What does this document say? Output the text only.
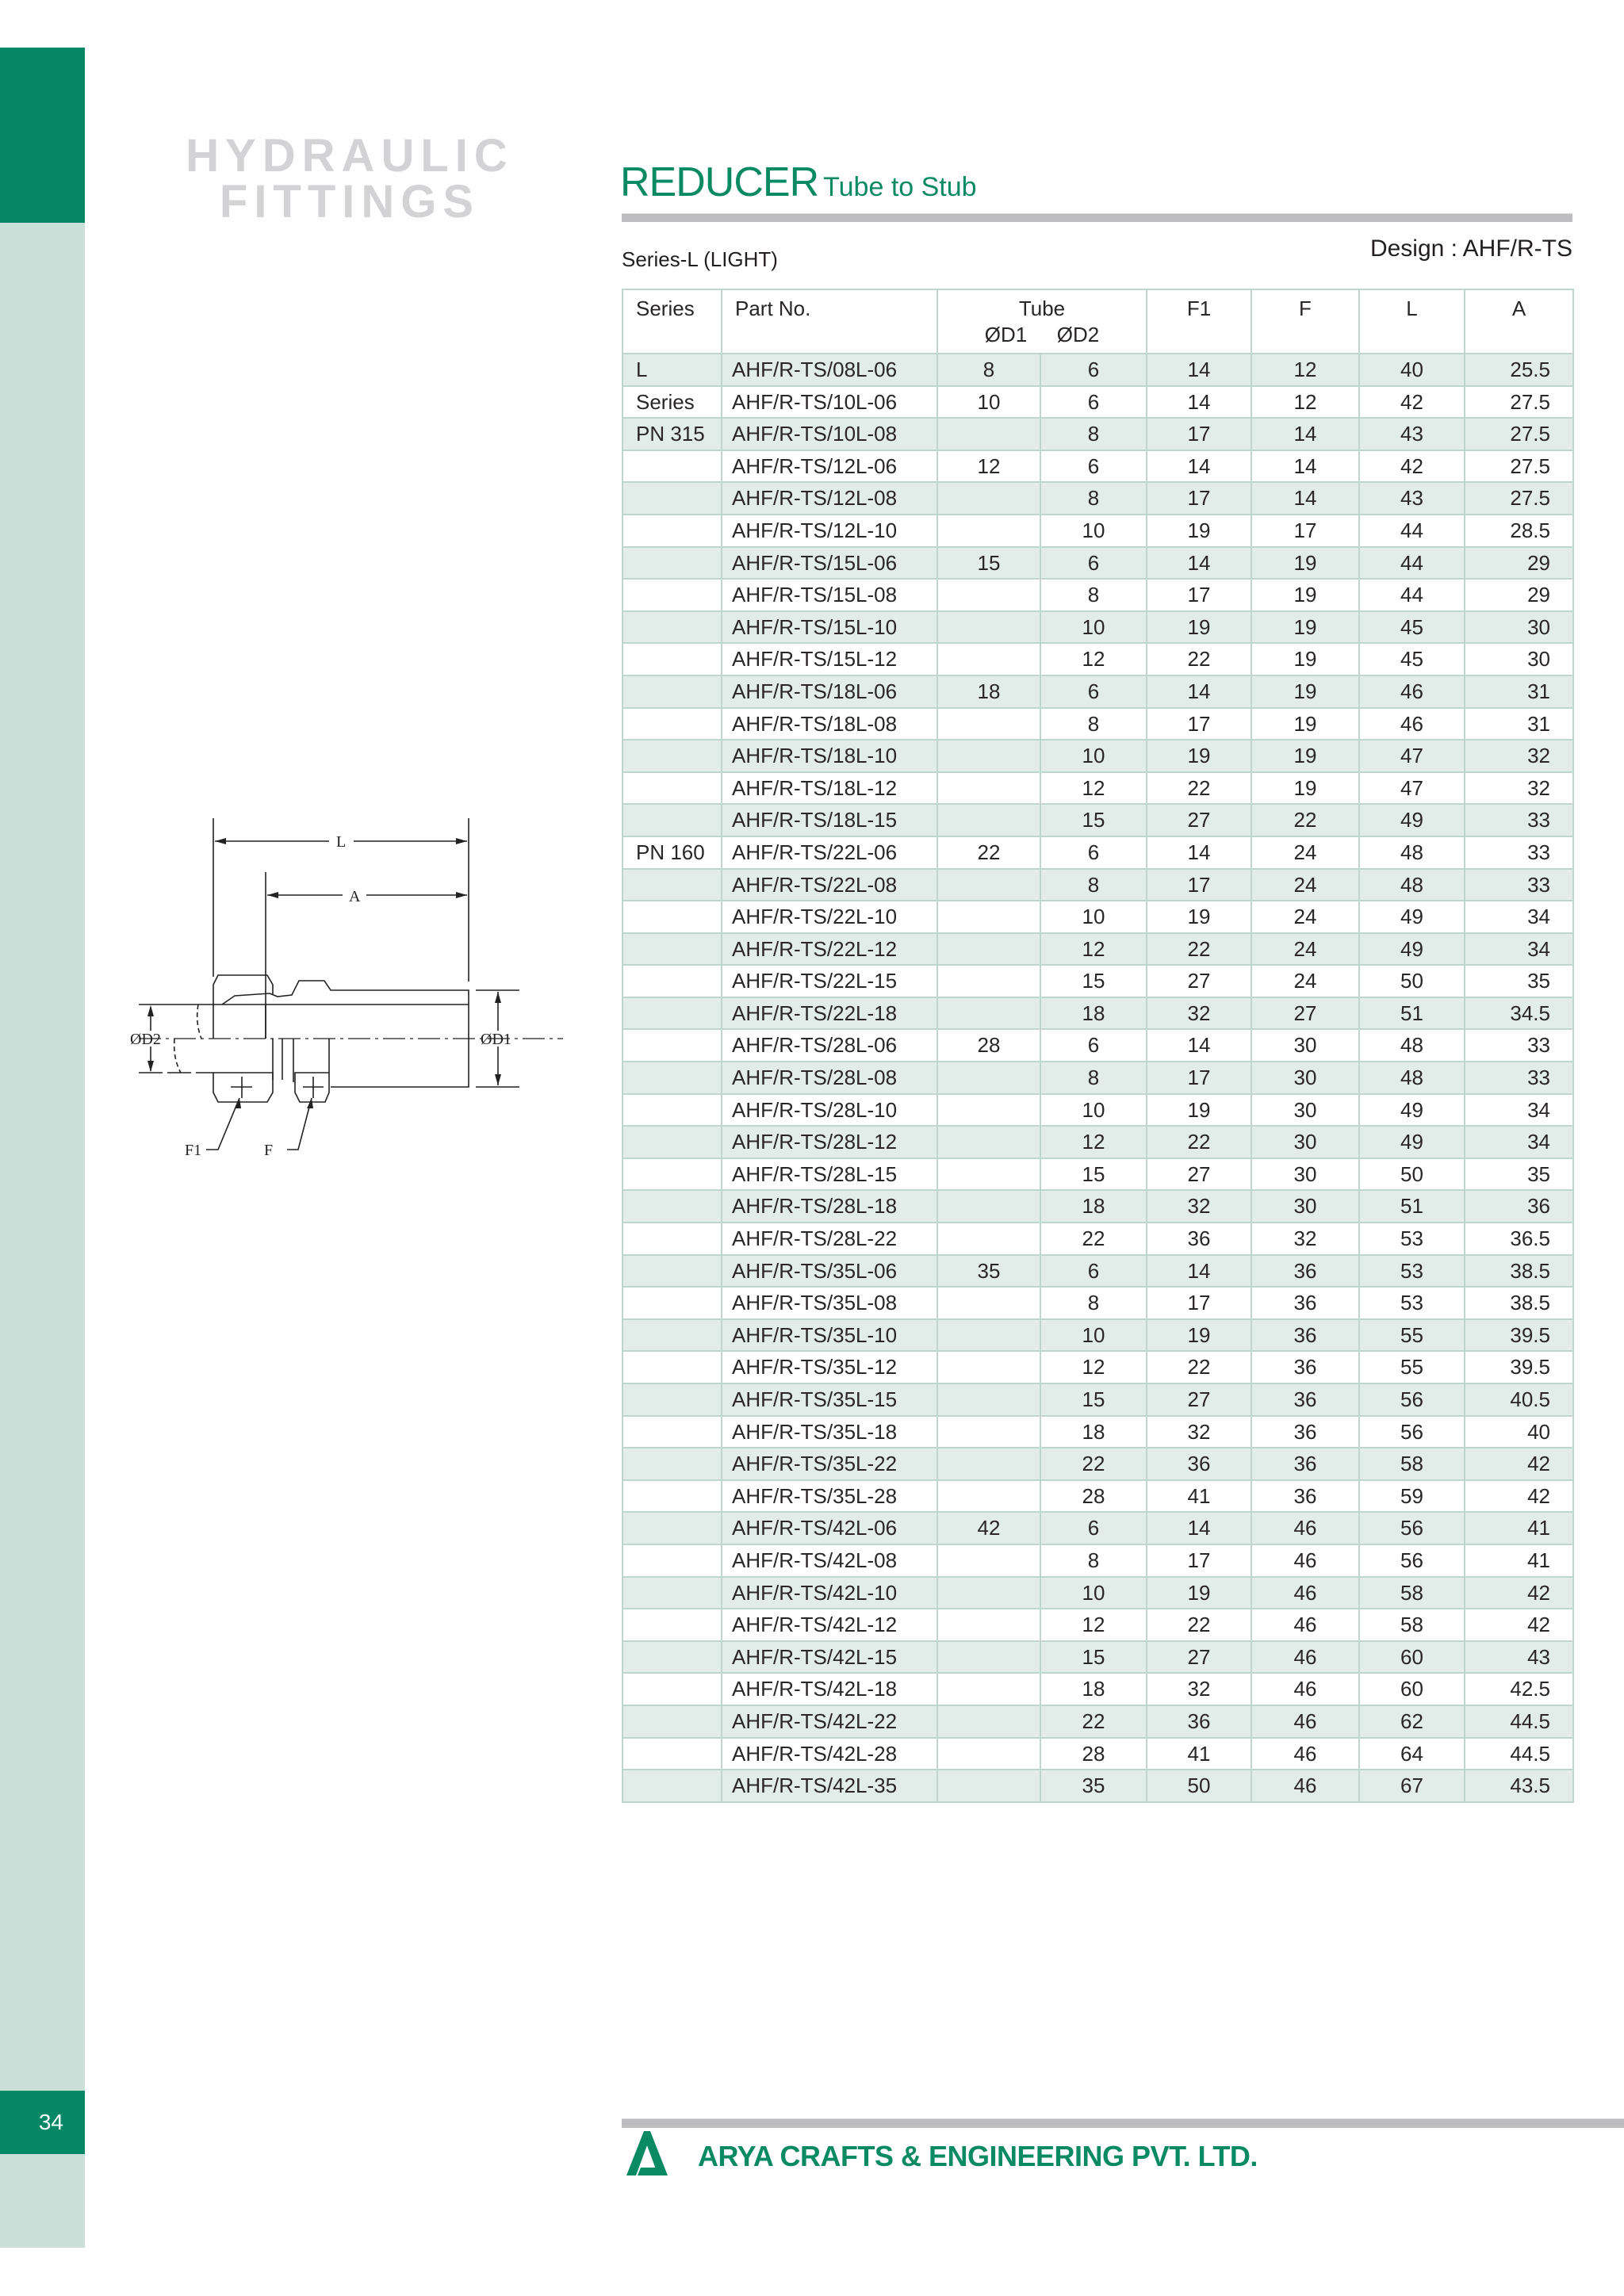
34
HYDRAULIC
FITTINGS	REDUCER Tube to Stub
Series-L (LIGHT)	Design : AHF/R-TS
Series	Part No.	Tube
ØD1 ØD2		F1	F	L	A
L	AHF/R-TS/08L-06	8	6	14	12	40	25.5
Series	AHF/R-TS/10L-06	10	6	14	12	42	27.5
PN 315	AHF/R-TS/10L-08		8	17	14	43	27.5
	AHF/R-TS/12L-06	12	6	14	14	42	27.5
	AHF/R-TS/12L-08		8	17	14	43	27.5
	AHF/R-TS/12L-10		10	19	17	44	28.5
	AHF/R-TS/15L-06	15	6	14	19	44	29
	AHF/R-TS/15L-08		8	17	19	44	29
	AHF/R-TS/15L-10		10	19	19	45	30
	AHF/R-TS/15L-12		12	22	19	45	30
	AHF/R-TS/18L-06	18	6	14	19	46	31
	AHF/R-TS/18L-08		8	17	19	46	31
	AHF/R-TS/18L-10		10	19	19	47	32
	AHF/R-TS/18L-12		12	22	19	47	32
	AHF/R-TS/18L-15		15	27	22	49	33
PN 160	AHF/R-TS/22L-06	22	6	14	24	48	33
	AHF/R-TS/22L-08		8	17	24	48	33
	AHF/R-TS/22L-10		10	19	24	49	34
	AHF/R-TS/22L-12		12	22	24	49	34
	AHF/R-TS/22L-15		15	27	24	50	35
	AHF/R-TS/22L-18		18	32	27	51	34.5
	AHF/R-TS/28L-06	28	6	14	30	48	33
	AHF/R-TS/28L-08		8	17	30	48	33
	AHF/R-TS/28L-10		10	19	30	49	34
	AHF/R-TS/28L-12		12	22	30	49	34
	AHF/R-TS/28L-15		15	27	30	50	35
	AHF/R-TS/28L-18		18	32	30	51	36
	AHF/R-TS/28L-22		22	36	32	53	36.5
	AHF/R-TS/35L-06	35	6	14	36	53	38.5
	AHF/R-TS/35L-08		8	17	36	53	38.5
	AHF/R-TS/35L-10		10	19	36	55	39.5
	AHF/R-TS/35L-12		12	22	36	55	39.5
	AHF/R-TS/35L-15		15	27	36	56	40.5
	AHF/R-TS/35L-18		18	32	36	56	40
	AHF/R-TS/35L-22		22	36	36	58	42
	AHF/R-TS/35L-28		28	41	36	59	42
	AHF/R-TS/42L-06	42	6	14	46	56	41
	AHF/R-TS/42L-08		8	17	46	56	41
	AHF/R-TS/42L-10		10	19	46	58	42
	AHF/R-TS/42L-12		12	22	46	58	42
	AHF/R-TS/42L-15		15	27	46	60	43
	AHF/R-TS/42L-18		18	32	46	60	42.5
	AHF/R-TS/42L-22		22	36	46	62	44.5
	AHF/R-TS/42L-28		28	41	46	64	44.5
	AHF/R-TS/42L-35		35	50	46	67	43.5
L
A
ØD2	ØD1
F1	F
ARYA CRAFTS & ENGINEERING PVT. LTD.
